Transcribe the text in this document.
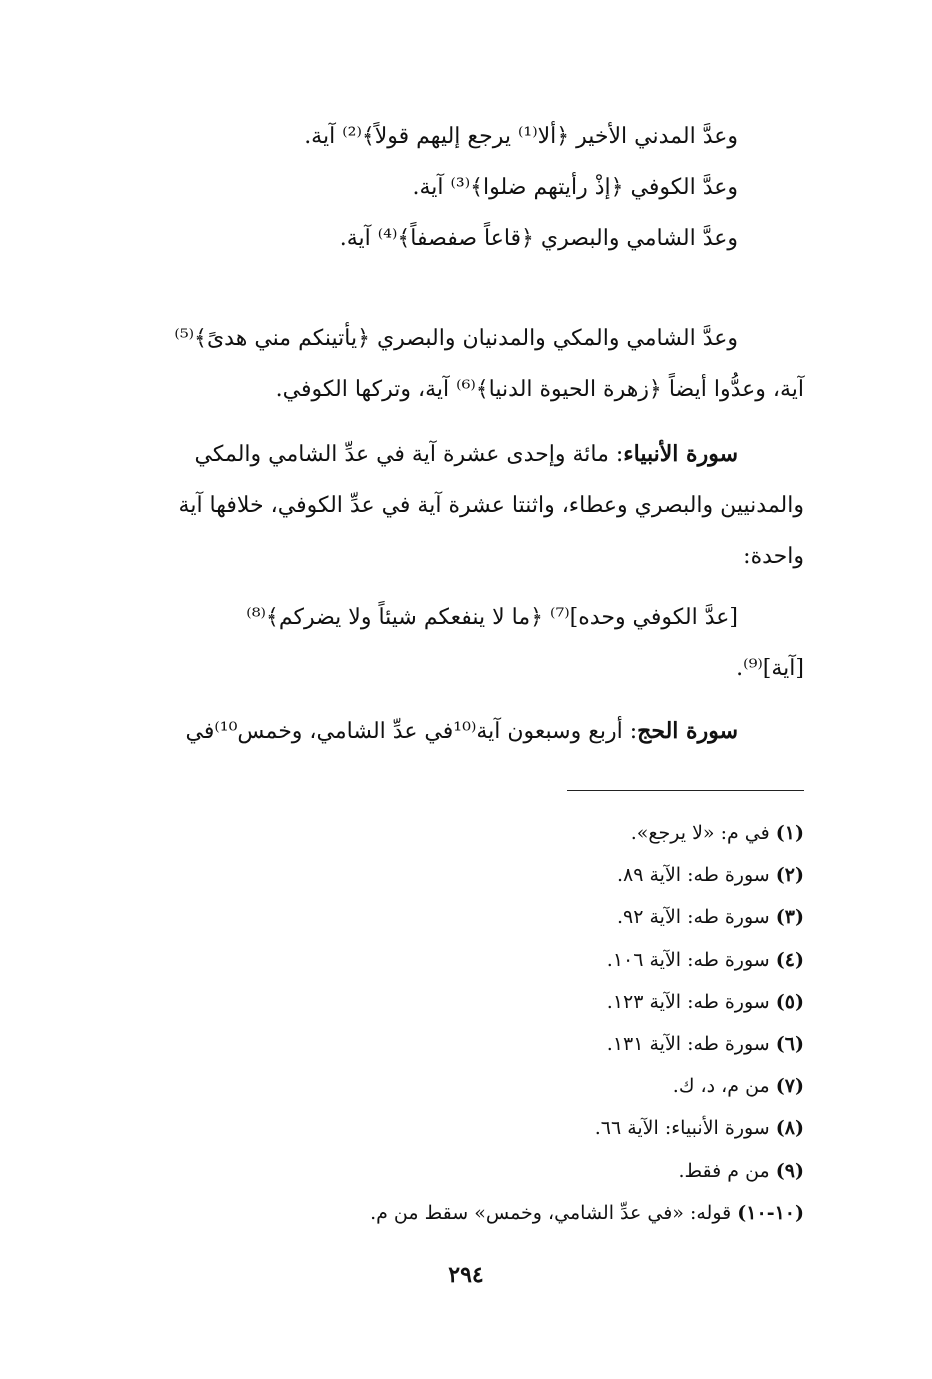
وعدَّ المدني الأخير ﴿ألا⁽¹⁾ يرجع إليهم قولاً﴾⁽²⁾ آية.
وعدَّ الكوفي ﴿إذْ رأيتهم ضلوا﴾⁽³⁾ آية.
وعدَّ الشامي والبصري ﴿قاعاً صفصفاً﴾⁽⁴⁾ آية.
وعدَّ الشامي والمكي والمدنيان والبصري ﴿يأتينكم مني هدىً﴾⁽⁵⁾
آية، وعدُّوا أيضاً ﴿زهرة الحيوة الدنيا﴾⁽⁶⁾ آية، وتركها الكوفي.
سورة الأنبياء: مائة وإحدى عشرة آية في عدِّ الشامي والمكي
والمدنيين والبصري وعطاء، واثنتا عشرة آية في عدِّ الكوفي، خلافها آية
واحدة:
[عدَّ الكوفي وحده]⁽⁷⁾ ﴿ما لا ينفعكم شيئاً ولا يضركم﴾⁽⁸⁾
[آية]⁽⁹⁾.
سورة الحج: أربع وسبعون آية⁽¹⁰في عدِّ الشامي، وخمس¹⁰⁾في
(١) في م: «لا يرجع».
(٢) سورة طه: الآية ٨٩.
(٣) سورة طه: الآية ٩٢.
(٤) سورة طه: الآية ١٠٦.
(٥) سورة طه: الآية ١٢٣.
(٦) سورة طه: الآية ١٣١.
(٧) من م، د، ك.
(٨) سورة الأنبياء: الآية ٦٦.
(٩) من م فقط.
(١٠-١٠) قوله: «في عدِّ الشامي، وخمس» سقط من م.
٢٩٤
